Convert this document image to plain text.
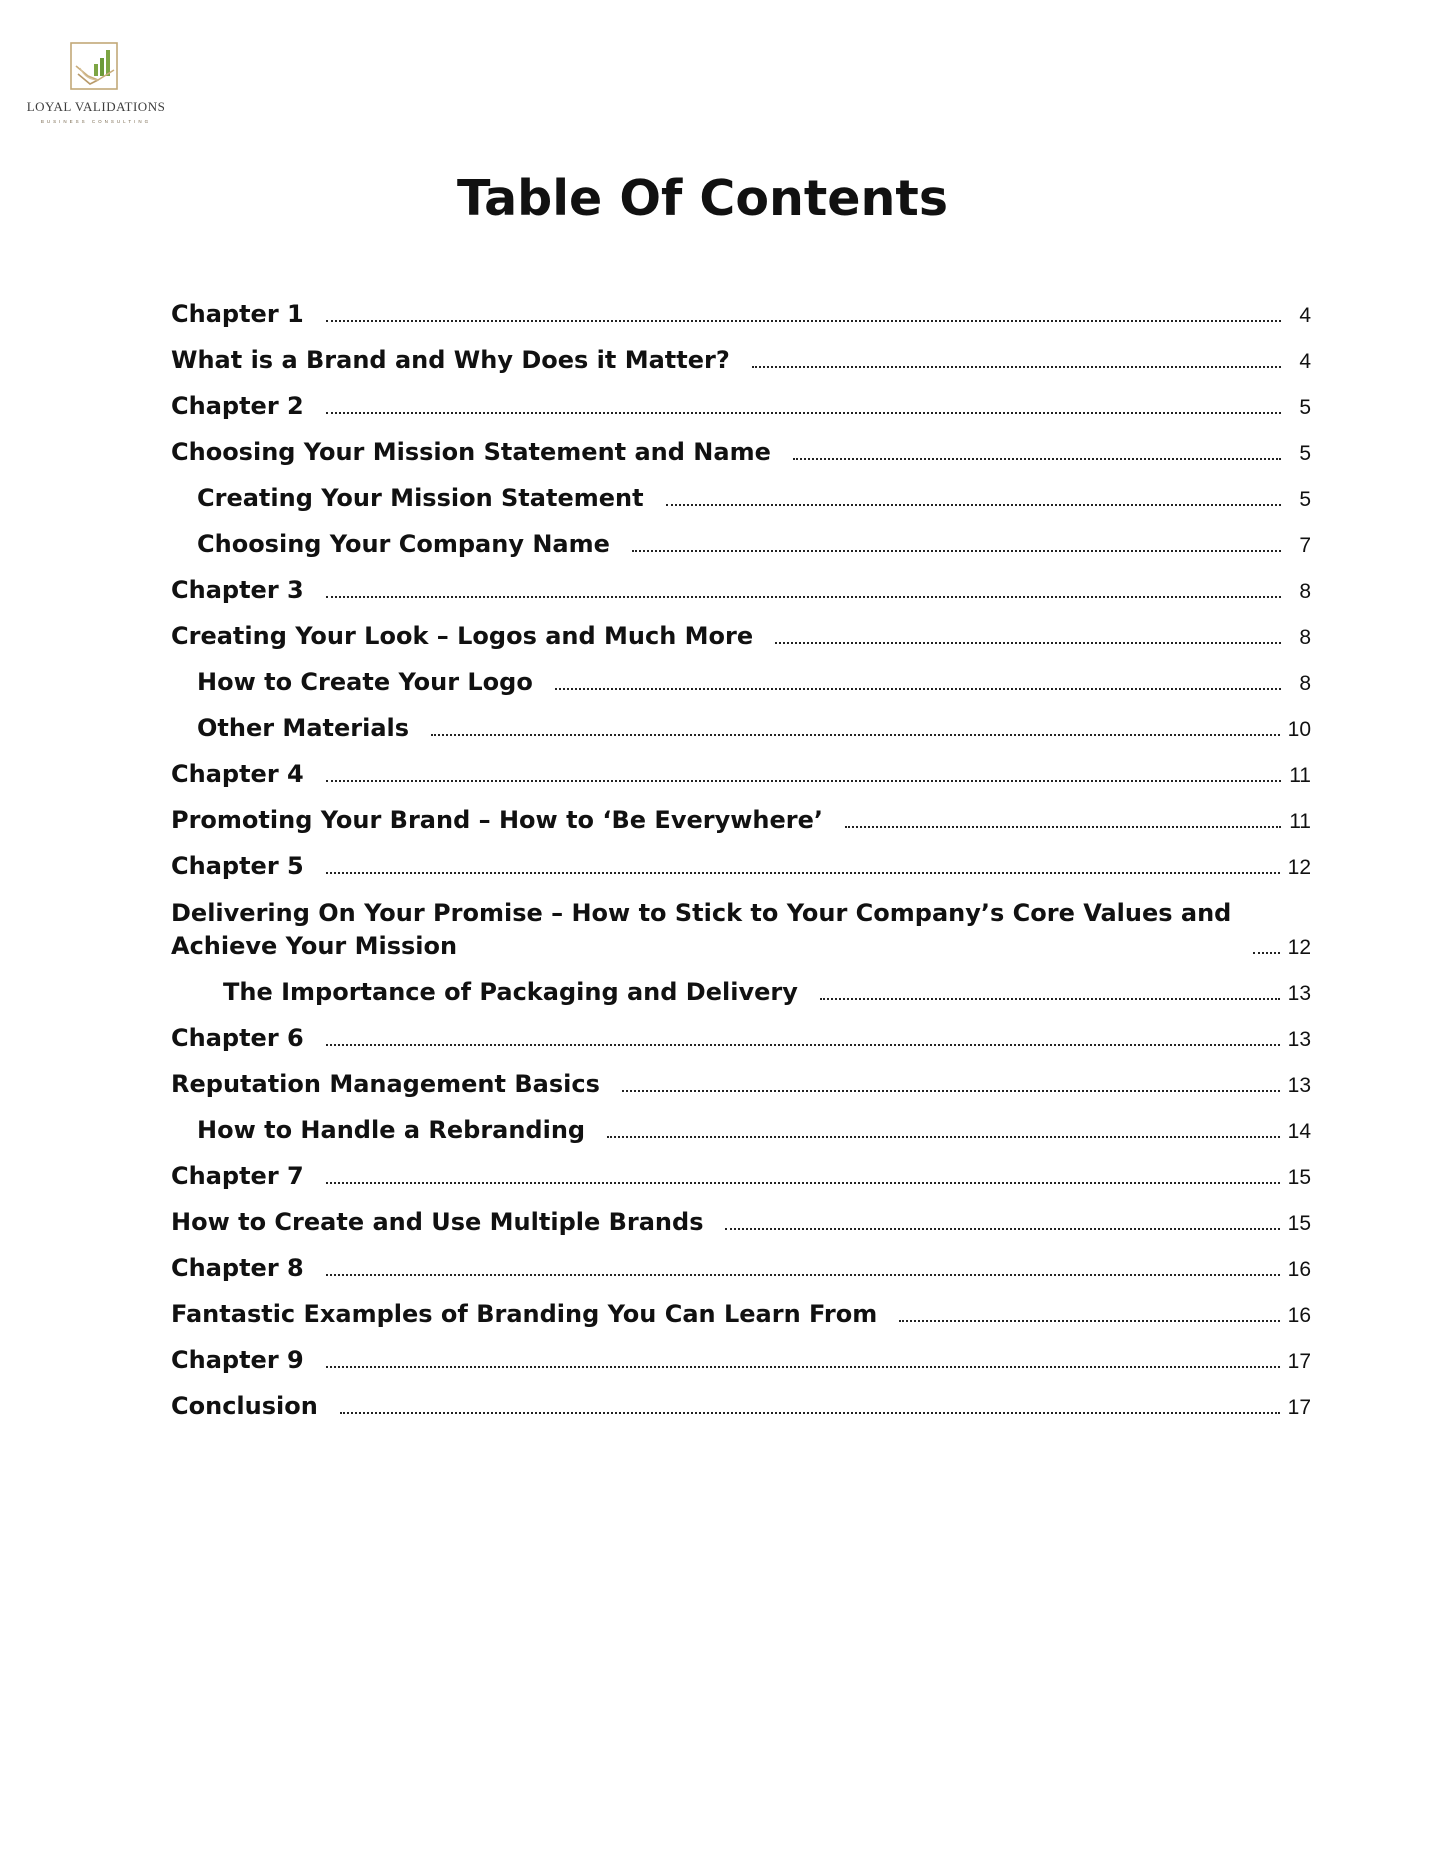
LOYAL VALIDATIONS
BUSINESS CONSULTING
Table Of Contents
Chapter 1	4
What is a Brand and Why Does it Matter?	4
Chapter 2	5
Choosing Your Mission Statement and Name	5
Creating Your Mission Statement	5
Choosing Your Company Name	7
Chapter 3	8
Creating Your Look – Logos and Much More	8
How to Create Your Logo	8
Other Materials	10
Chapter 4	11
Promoting Your Brand – How to ‘Be Everywhere’	11
Chapter 5	12
Delivering On Your Promise – How to Stick to Your Company’s Core Values and
Achieve Your Mission	12
The Importance of Packaging and Delivery	13
Chapter 6	13
Reputation Management Basics	13
How to Handle a Rebranding	14
Chapter 7	15
How to Create and Use Multiple Brands	15
Chapter 8	16
Fantastic Examples of Branding You Can Learn From	16
Chapter 9	17
Conclusion	17
